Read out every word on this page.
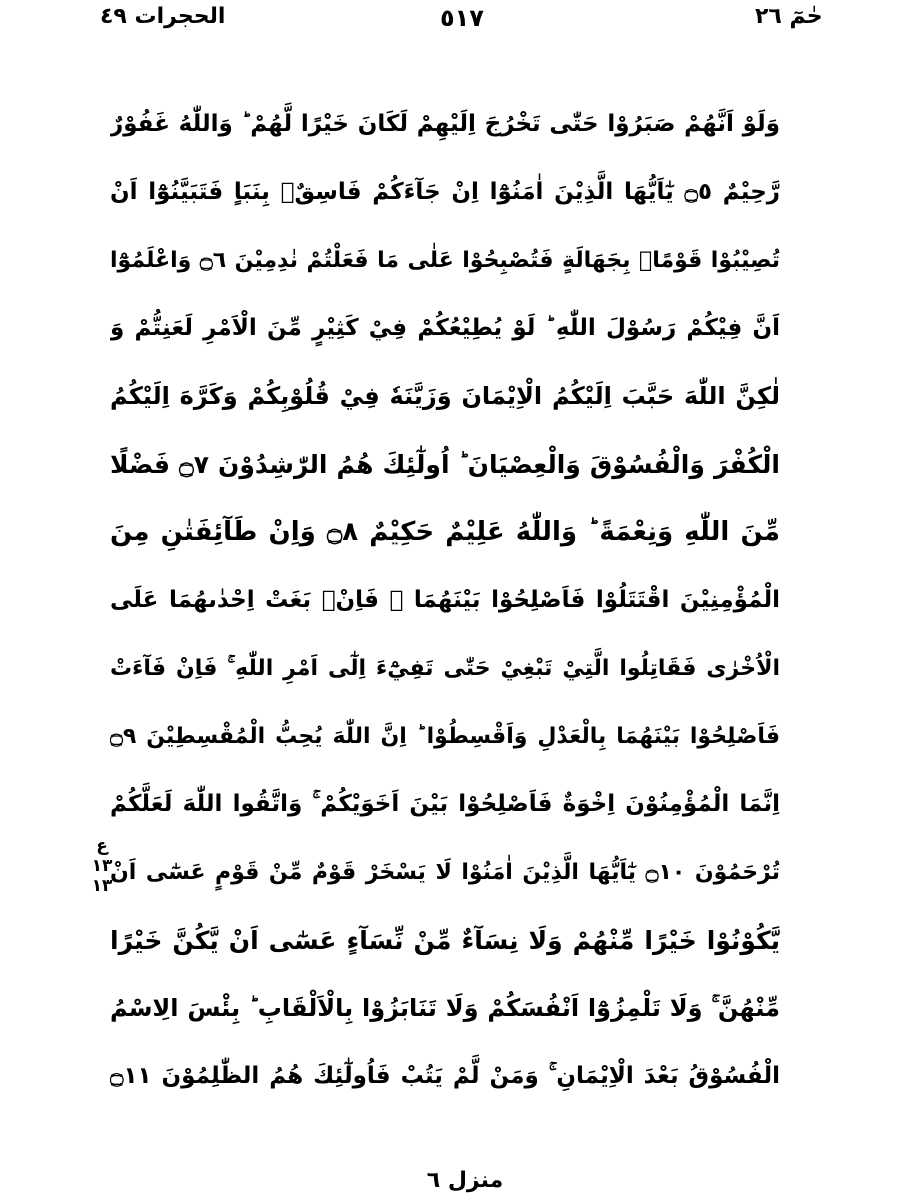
الحجرات ٤٩	٥١٧	حٰمٓ ٢٦
وَلَوْ اَنَّهُمْ صَبَرُوْا حَتّٰى تَخْرُجَ اِلَيْهِمْ لَكَانَ خَيْرًا لَّهُمْ ؕ وَاللّٰهُ غَفُوْرٌ
رَّحِيْمٌ ۝٥ يٰٓاَيُّهَا الَّذِيْنَ اٰمَنُوْٓا اِنْ جَآءَكُمْ فَاسِقٌۢ بِنَبَاٍ فَتَبَيَّنُوْٓا اَنْ
تُصِيْبُوْا قَوْمًاۢ بِجَهَالَةٍ فَتُصْبِحُوْا عَلٰى مَا فَعَلْتُمْ نٰدِمِيْنَ ۝٦ وَاعْلَمُوْٓا
اَنَّ فِيْكُمْ رَسُوْلَ اللّٰهِ ؕ لَوْ يُطِيْعُكُمْ فِيْ كَثِيْرٍ مِّنَ الْاَمْرِ لَعَنِتُّمْ وَ
لٰكِنَّ اللّٰهَ حَبَّبَ اِلَيْكُمُ الْاِيْمَانَ وَزَيَّنَهٗ فِيْ قُلُوْبِكُمْ وَكَرَّهَ اِلَيْكُمُ
الْكُفْرَ وَالْفُسُوْقَ وَالْعِصْيَانَ ؕ اُولٰٓئِكَ هُمُ الرّٰشِدُوْنَ ۝٧ فَضْلًا
مِّنَ اللّٰهِ وَنِعْمَةً ؕ وَاللّٰهُ عَلِيْمٌ حَكِيْمٌ ۝٨ وَاِنْ طَآئِفَتٰنِ مِنَ
الْمُؤْمِنِيْنَ اقْتَتَلُوْا فَاَصْلِحُوْا بَيْنَهُمَا ۚ فَاِنْۢ بَغَتْ اِحْدٰىهُمَا عَلَى
الْاُخْرٰى فَقَاتِلُوا الَّتِيْ تَبْغِيْ حَتّٰى تَفِيْٓءَ اِلٰٓى اَمْرِ اللّٰهِ ۚ فَاِنْ فَآءَتْ
فَاَصْلِحُوْا بَيْنَهُمَا بِالْعَدْلِ وَاَقْسِطُوْا ؕ اِنَّ اللّٰهَ يُحِبُّ الْمُقْسِطِيْنَ ۝٩
اِنَّمَا الْمُؤْمِنُوْنَ اِخْوَةٌ فَاَصْلِحُوْا بَيْنَ اَخَوَيْكُمْ ۚ وَاتَّقُوا اللّٰهَ لَعَلَّكُمْ
تُرْحَمُوْنَ ۝١٠ يٰٓاَيُّهَا الَّذِيْنَ اٰمَنُوْا لَا يَسْخَرْ قَوْمٌ مِّنْ قَوْمٍ عَسٰٓى اَنْ
يَّكُوْنُوْا خَيْرًا مِّنْهُمْ وَلَا نِسَآءٌ مِّنْ نِّسَآءٍ عَسٰٓى اَنْ يَّكُنَّ خَيْرًا
مِّنْهُنَّ ۚ وَلَا تَلْمِزُوْٓا اَنْفُسَكُمْ وَلَا تَنَابَزُوْا بِالْاَلْقَابِ ؕ بِئْسَ الِاسْمُ
الْفُسُوْقُ بَعْدَ الْاِيْمَانِ ۚ وَمَنْ لَّمْ يَتُبْ فَاُولٰٓئِكَ هُمُ الظّٰلِمُوْنَ ۝١١
ع
١٣
١٣
منزل ٦
